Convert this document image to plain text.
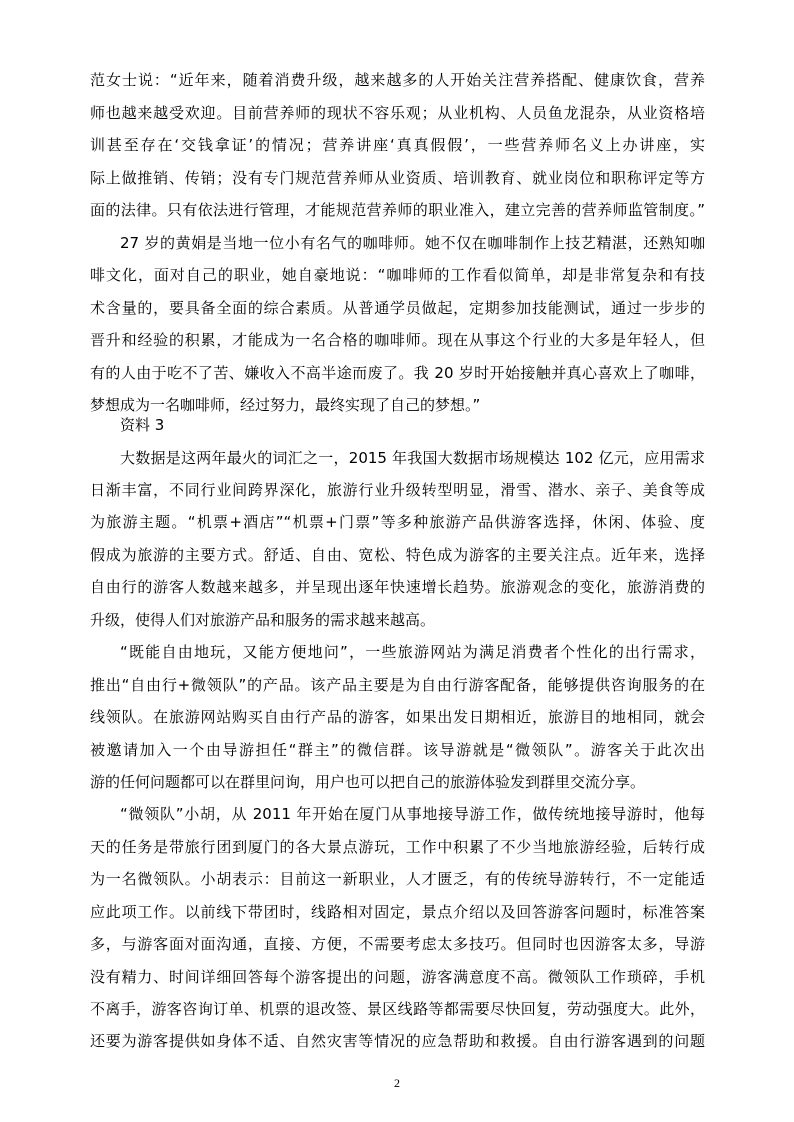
范女士说：“近年来，随着消费升级，越来越多的人开始关注营养搭配、健康饮食，营养
师也越来越受欢迎。目前营养师的现状不容乐观；从业机构、人员鱼龙混杂，从业资格培
训甚至存在‘交钱拿证’的情况；营养讲座‘真真假假’，一些营养师名义上办讲座，实
际上做推销、传销；没有专门规范营养师从业资质、培训教育、就业岗位和职称评定等方
面的法律。只有依法进行管理，才能规范营养师的职业准入，建立完善的营养师监管制度。”
27 岁的黄娟是当地一位小有名气的咖啡师。她不仅在咖啡制作上技艺精湛，还熟知咖
啡文化，面对自己的职业，她自豪地说：“咖啡师的工作看似简单，却是非常复杂和有技
术含量的，要具备全面的综合素质。从普通学员做起，定期参加技能测试，通过一步步的
晋升和经验的积累，才能成为一名合格的咖啡师。现在从事这个行业的大多是年轻人，但
有的人由于吃不了苦、嫌收入不高半途而废了。我 20 岁时开始接触并真心喜欢上了咖啡，
梦想成为一名咖啡师，经过努力，最终实现了自己的梦想。”
资料 3
大数据是这两年最火的词汇之一，2015 年我国大数据市场规模达 102 亿元，应用需求
日渐丰富，不同行业间跨界深化，旅游行业升级转型明显，滑雪、潜水、亲子、美食等成
为旅游主题。“机票+酒店”“机票+门票”等多种旅游产品供游客选择，休闲、体验、度
假成为旅游的主要方式。舒适、自由、宽松、特色成为游客的主要关注点。近年来，选择
自由行的游客人数越来越多，并呈现出逐年快速增长趋势。旅游观念的变化，旅游消费的
升级，使得人们对旅游产品和服务的需求越来越高。
“既能自由地玩，又能方便地问”，一些旅游网站为满足消费者个性化的出行需求，
推出“自由行+微领队”的产品。该产品主要是为自由行游客配备，能够提供咨询服务的在
线领队。在旅游网站购买自由行产品的游客，如果出发日期相近，旅游目的地相同，就会
被邀请加入一个由导游担任“群主”的微信群。该导游就是“微领队”。游客关于此次出
游的任何问题都可以在群里问询，用户也可以把自己的旅游体验发到群里交流分享。
“微领队”小胡，从 2011 年开始在厦门从事地接导游工作，做传统地接导游时，他每
天的任务是带旅行团到厦门的各大景点游玩，工作中积累了不少当地旅游经验，后转行成
为一名微领队。小胡表示：目前这一新职业，人才匮乏，有的传统导游转行，不一定能适
应此项工作。以前线下带团时，线路相对固定，景点介绍以及回答游客问题时，标准答案
多，与游客面对面沟通，直接、方便，不需要考虑太多技巧。但同时也因游客太多，导游
没有精力、时间详细回答每个游客提出的问题，游客满意度不高。微领队工作琐碎，手机
不离手，游客咨询订单、机票的退改签、景区线路等都需要尽快回复，劳动强度大。此外，
还要为游客提供如身体不适、自然灾害等情况的应急帮助和救援。自由行游客遇到的问题
2
